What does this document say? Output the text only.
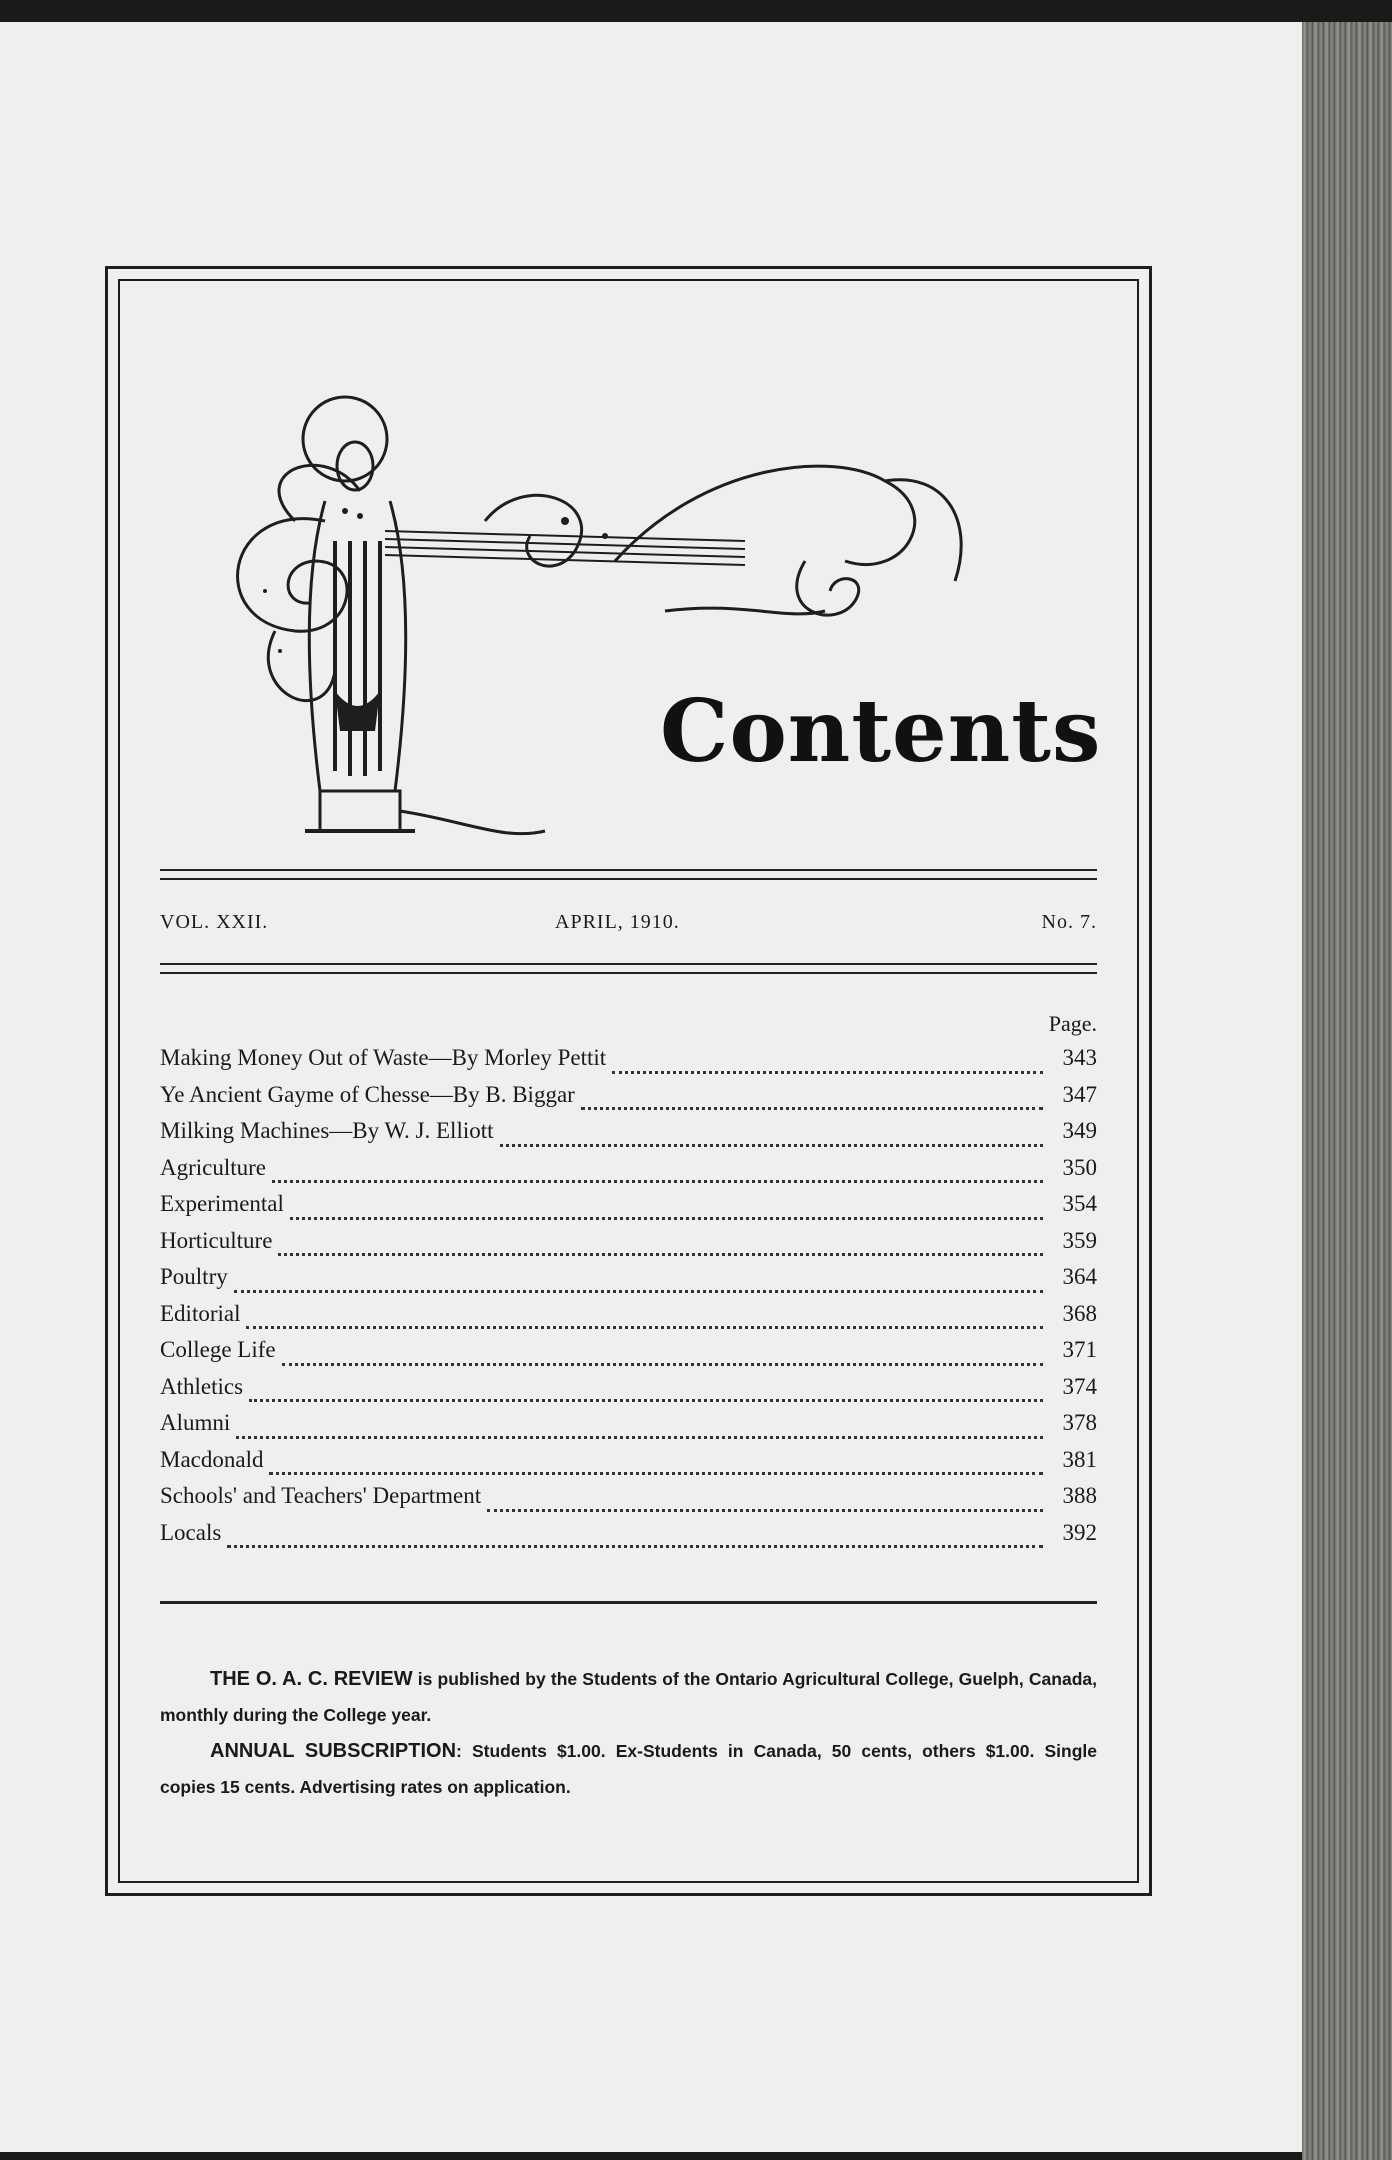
Contents
VOL. XXII.	APRIL, 1910.	No. 7.
Page.
Making Money Out of Waste—By Morley Pettit	343
Ye Ancient Gayme of Chesse—By B. Biggar	347
Milking Machines—By W. J. Elliott	349
Agriculture	350
Experimental	354
Horticulture	359
Poultry	364
Editorial	368
College Life	371
Athletics	374
Alumni	378
Macdonald	381
Schools' and Teachers' Department	388
Locals	392

THE O. A. C. REVIEW is published by the Students of the Ontario Agricultural College, Guelph, Canada, monthly during the College year.

ANNUAL SUBSCRIPTION: Students $1.00. Ex-Students in Canada, 50 cents, others $1.00. Single copies 15 cents. Advertising rates on application.
